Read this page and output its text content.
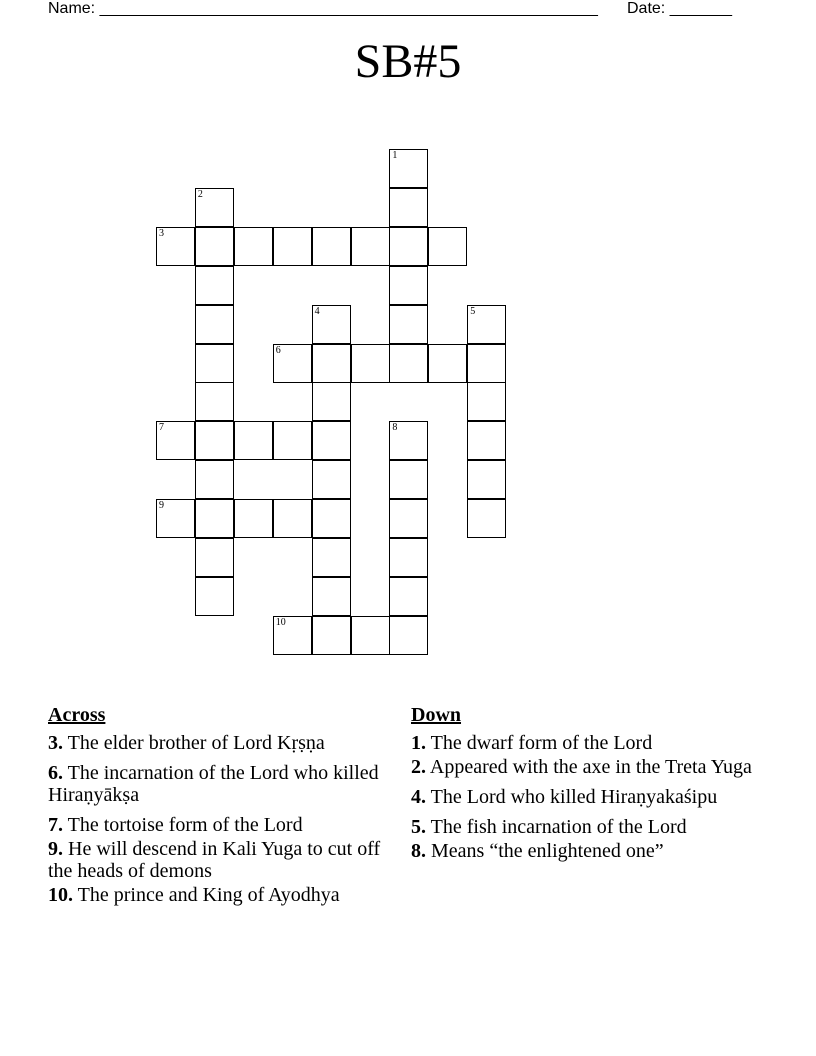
Name: ________________________________________________________ Date: _______
SB#5
1
2
3
4	5
6
7	8
9
10
Across
3. The elder brother of Lord Kṛṣṇa
6. The incarnation of the Lord who killed Hiraṇyākṣa
7. The tortoise form of the Lord
9. He will descend in Kali Yuga to cut off the heads of demons
10. The prince and King of Ayodhya
Down
1. The dwarf form of the Lord
2. Appeared with the axe in the Treta Yuga
4. The Lord who killed Hiraṇyakaśipu
5. The fish incarnation of the Lord
8. Means “the enlightened one”
